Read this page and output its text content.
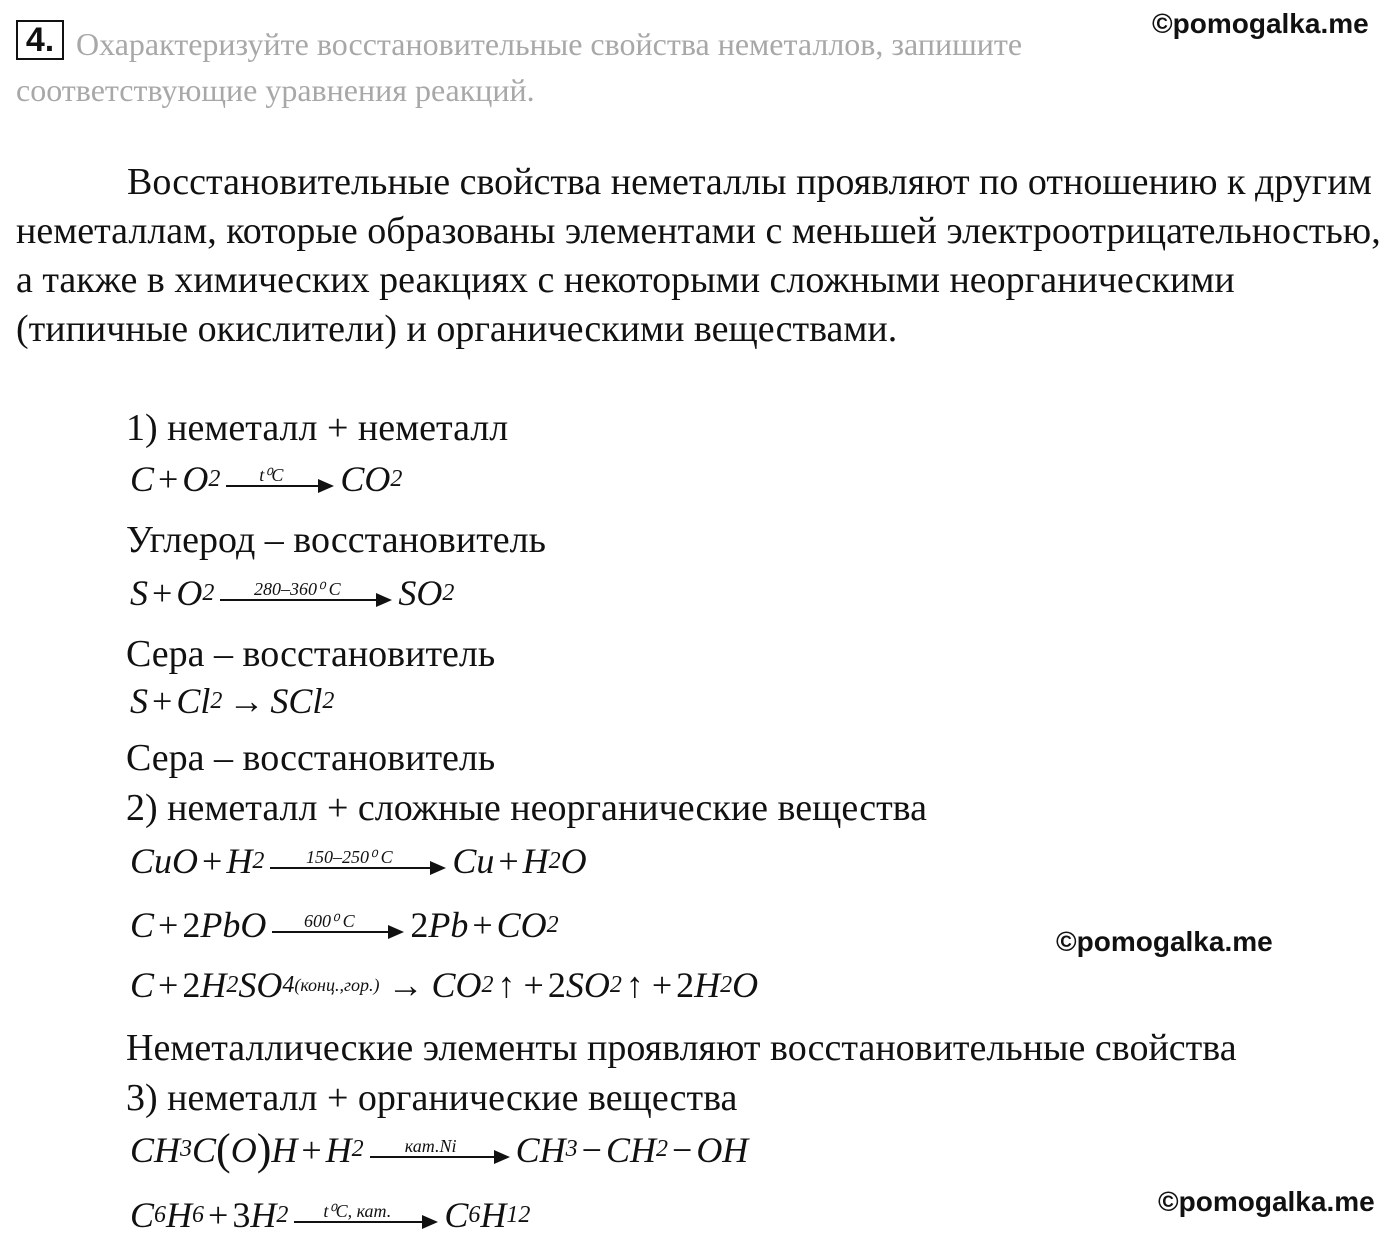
4. Охарактеризуйте восстановительные свойства неметаллов, запишите
соответствующие уравнения реакций.
©pomogalka.me
Восстановительные свойства неметаллы проявляют по отношению к другим неметаллам, которые образованы элементами с меньшей электроотрицательностью, а также в химических реакциях с некоторыми сложными неорганическими (типичные окислители) и органическими веществами.
1) неметалл + неметалл
C + O 2	t⁰C	CO 2
Углерод – восстановитель
S + O 2	280–360⁰ C	SO 2
Сера – восстановитель
S + Cl 2 → SCl 2
Сера – восстановитель
2) неметалл + сложные неорганические вещества
CuO + H 2	150–250⁰ C	Cu + H 2 O
C + 2 PbO	600⁰ C	2 Pb + CO 2
©pomogalka.me
C + 2 H 2 SO 4 (конц.,гор.) → CO 2 ↑ + 2 SO 2 ↑ + 2 H 2 O
Неметаллические элементы проявляют восстановительные свойства
3) неметалл + органические вещества
CH 3 C ( O ) H + H 2	кат.Ni	CH 3 − CH 2 − OH
©pomogalka.me
C 6 H 6 + 3 H 2	t⁰C, кат.	C 6 H 12
